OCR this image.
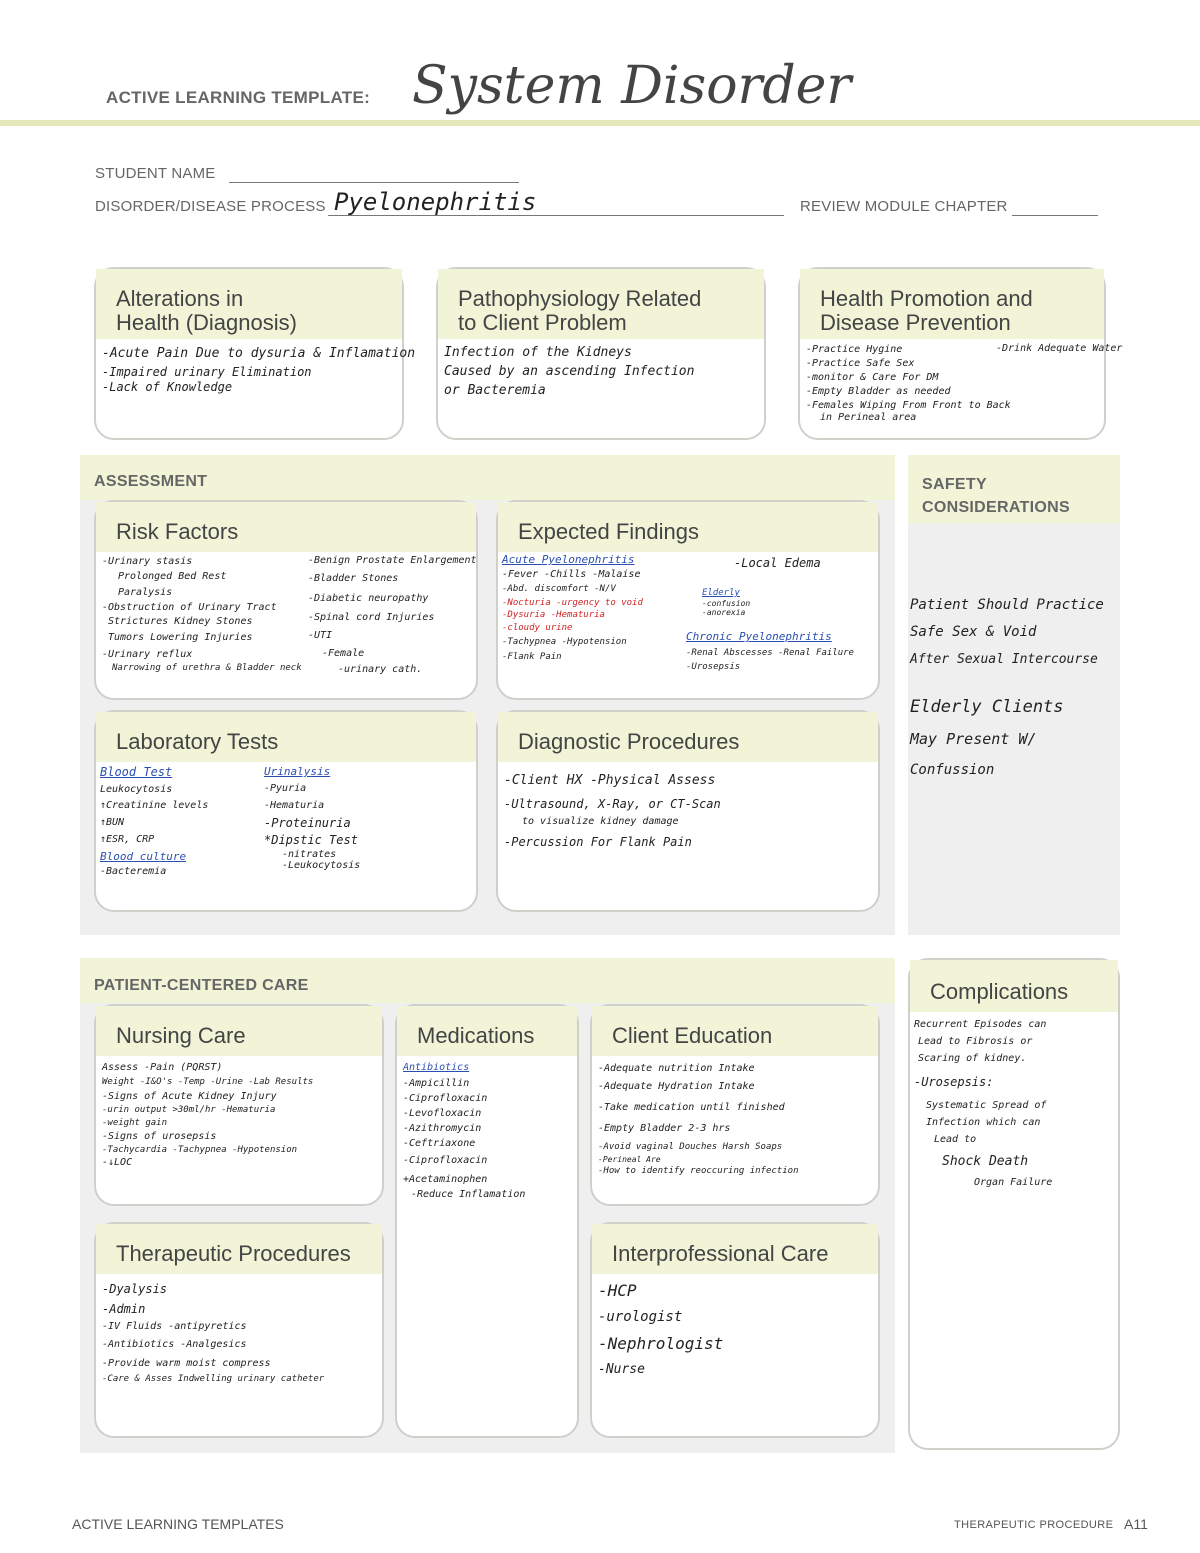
ACTIVE LEARNING TEMPLATE: System Disorder
STUDENT NAME
DISORDER/DISEASE PROCESS Pyelonephritis	REVIEW MODULE CHAPTER
Alterations in
Health (Diagnosis)
-Acute Pain Due to dysuria & Inflamation
-Impaired urinary Elimination
-Lack of Knowledge
Pathophysiology Related
to Client Problem
Infection of the Kidneys
Caused by an ascending Infection
or Bacteremia
Health Promotion and
Disease Prevention
-Practice Hygine
-Practice Safe Sex
-monitor & Care For DM
-Empty Bladder as needed
-Females Wiping From Front to Back
in Perineal area
-Drink Adequate Water
ASSESSMENT
Risk Factors
-Urinary stasis
Prolonged Bed Rest
Paralysis
-Obstruction of Urinary Tract
Strictures Kidney Stones
Tumors Lowering Injuries
-Urinary reflux
Narrowing of urethra & Bladder neck
-Benign Prostate Enlargement
-Bladder Stones
-Diabetic neuropathy
-Spinal cord Injuries
-UTI
-Female
-urinary cath.
Expected Findings
Acute Pyelonephritis
-Fever -Chills -Malaise
-Abd. discomfort -N/V
-Nocturia -urgency to void
-Dysuria -Hematuria
-cloudy urine
-Tachypnea -Hypotension
-Flank Pain
-Local Edema
Elderly
-confusion
-anorexia
Chronic Pyelonephritis
-Renal Abscesses -Renal Failure
-Urosepsis
Laboratory Tests
Blood Test
Leukocytosis
↑Creatinine levels
↑BUN
↑ESR, CRP
Blood culture
-Bacteremia
Urinalysis
-Pyuria
-Hematuria
-Proteinuria
*Dipstic Test
-nitrates
-Leukocytosis
Diagnostic Procedures
-Client HX -Physical Assess
-Ultrasound, X-Ray, or CT-Scan
to visualize kidney damage
-Percussion For Flank Pain
SAFETY
CONSIDERATIONS
Patient Should Practice
Safe Sex & Void
After Sexual Intercourse
Elderly Clients
May Present W/
Confussion
PATIENT-CENTERED CARE
Nursing Care
Assess -Pain (PQRST)
Weight -I&O's -Temp -Urine -Lab Results
-Signs of Acute Kidney Injury
-urin output >30ml/hr -Hematuria
-weight gain
-Signs of urosepsis
-Tachycardia -Tachypnea -Hypotension
-↓LOC
Medications
Antibiotics
-Ampicillin
-Ciprofloxacin
-Levofloxacin
-Azithromycin
-Ceftriaxone
-Ciprofloxacin
+Acetaminophen
-Reduce Inflamation
Client Education
-Adequate nutrition Intake
-Adequate Hydration Intake
-Take medication until finished
-Empty Bladder 2-3 hrs
-Avoid vaginal Douches Harsh Soaps
-Perineal Are
-How to identify reoccuring infection
Therapeutic Procedures
-Dyalysis
-Admin
-IV Fluids -antipyretics
-Antibiotics -Analgesics
-Provide warm moist compress
-Care & Asses Indwelling urinary catheter
Interprofessional Care
-HCP
-urologist
-Nephrologist
-Nurse
Complications
Recurrent Episodes can
Lead to Fibrosis or
Scaring of kidney.
-Urosepsis:
Systematic Spread of
Infection which can
Lead to
Shock Death
Organ Failure
ACTIVE LEARNING TEMPLATES	THERAPEUTIC PROCEDURE A11
